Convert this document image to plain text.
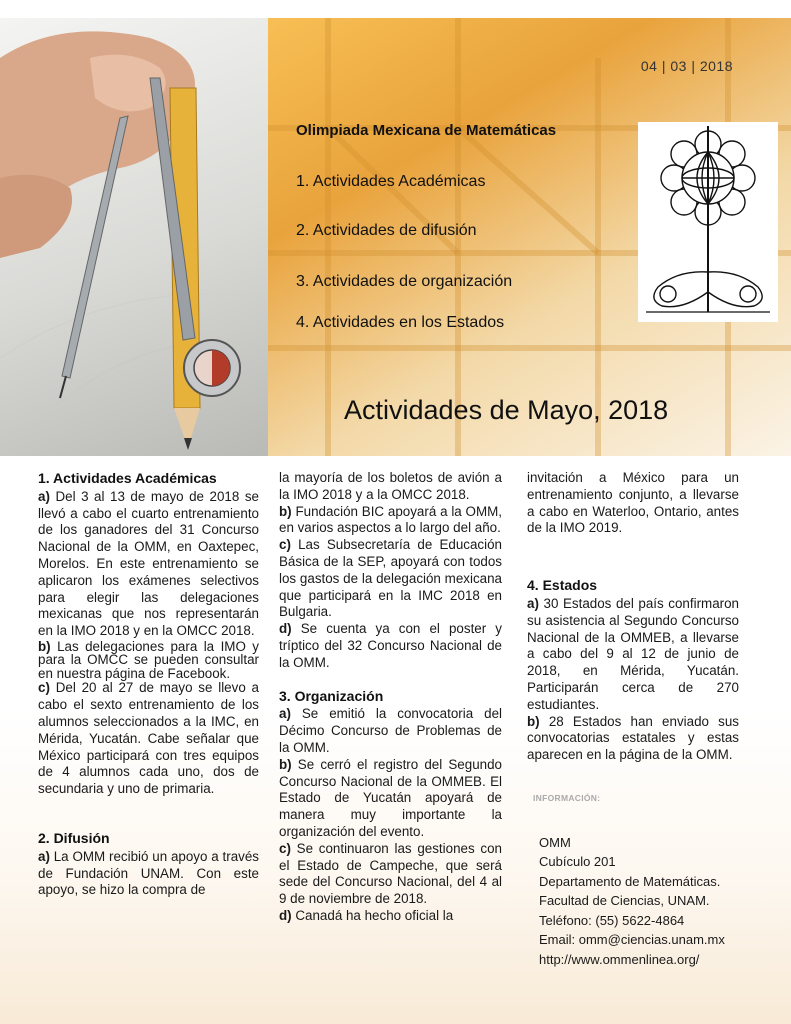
04 | 03 | 2018
Olimpiada Mexicana de Matemáticas
1. Actividades Académicas
2. Actividades de difusión
3. Actividades de organización
4. Actividades en los Estados
Actividades de Mayo, 2018
1. Actividades Académicas

a) Del 3 al 13 de mayo de 2018 se llevó a cabo el cuarto entrenamiento de los ganadores del 31 Concurso Nacional de la OMM, en Oaxtepec, Morelos. En este entrenamiento se aplicaron los exámenes selectivos para elegir las delegaciones mexicanas que nos representarán en la IMO 2018 y en la OMCC 2018.

b) Las delegaciones para la IMO y para la OMCC se pueden consultar en nuestra página de Facebook.

c) Del 20 al 27 de mayo se llevo a cabo el sexto entrenamiento de los alumnos seleccionados a la IMC, en Mérida, Yucatán. Cabe señalar que México participará con tres equipos de 4 alumnos cada uno, dos de secundaria y uno de primaria.

2. Difusión

a) La OMM recibió un apoyo a través de Fundación UNAM. Con este apoyo, se hizo la compra de

la mayoría de los boletos de avión a la IMO 2018 y a la OMCC 2018.

b) Fundación BIC apoyará a la OMM, en varios aspectos a lo largo del año.

c) Las Subsecretaría de Educación Básica de la SEP, apoyará con todos los gastos de la delegación mexicana que participará en la IMC 2018 en Bulgaria.

d) Se cuenta ya con el poster y tríptico del 32 Concurso Nacional de la OMM.

3. Organización

a) Se emitió la convocatoria del Décimo Concurso de Problemas de la OMM.

b) Se cerró el registro del Segundo Concurso Nacional de la OMMEB. El Estado de Yucatán apoyará de manera muy importante la organización del evento.

c) Se continuaron las gestiones con el Estado de Campeche, que será sede del Concurso Nacional, del 4 al 9 de noviembre de 2018.

d) Canadá ha hecho oficial la

invitación a México para un entrenamiento conjunto, a llevarse a cabo en Waterloo, Ontario, antes de la IMO 2019.

4. Estados

a) 30 Estados del país confirmaron su asistencia al Segundo Concurso Nacional de la OMMEB, a llevarse a cabo del 9 al 12 de junio de 2018, en Mérida, Yucatán. Participarán cerca de 270 estudiantes.

b) 28 Estados han enviado sus convocatorias estatales y estas aparecen en la página de la OMM.

INFORMACIÓN:
OMM
Cubículo 201
Departamento de Matemáticas.
Facultad de Ciencias, UNAM.
Teléfono: (55) 5622-4864
Email: omm@ciencias.unam.mx
http://www.ommenlinea.org/
